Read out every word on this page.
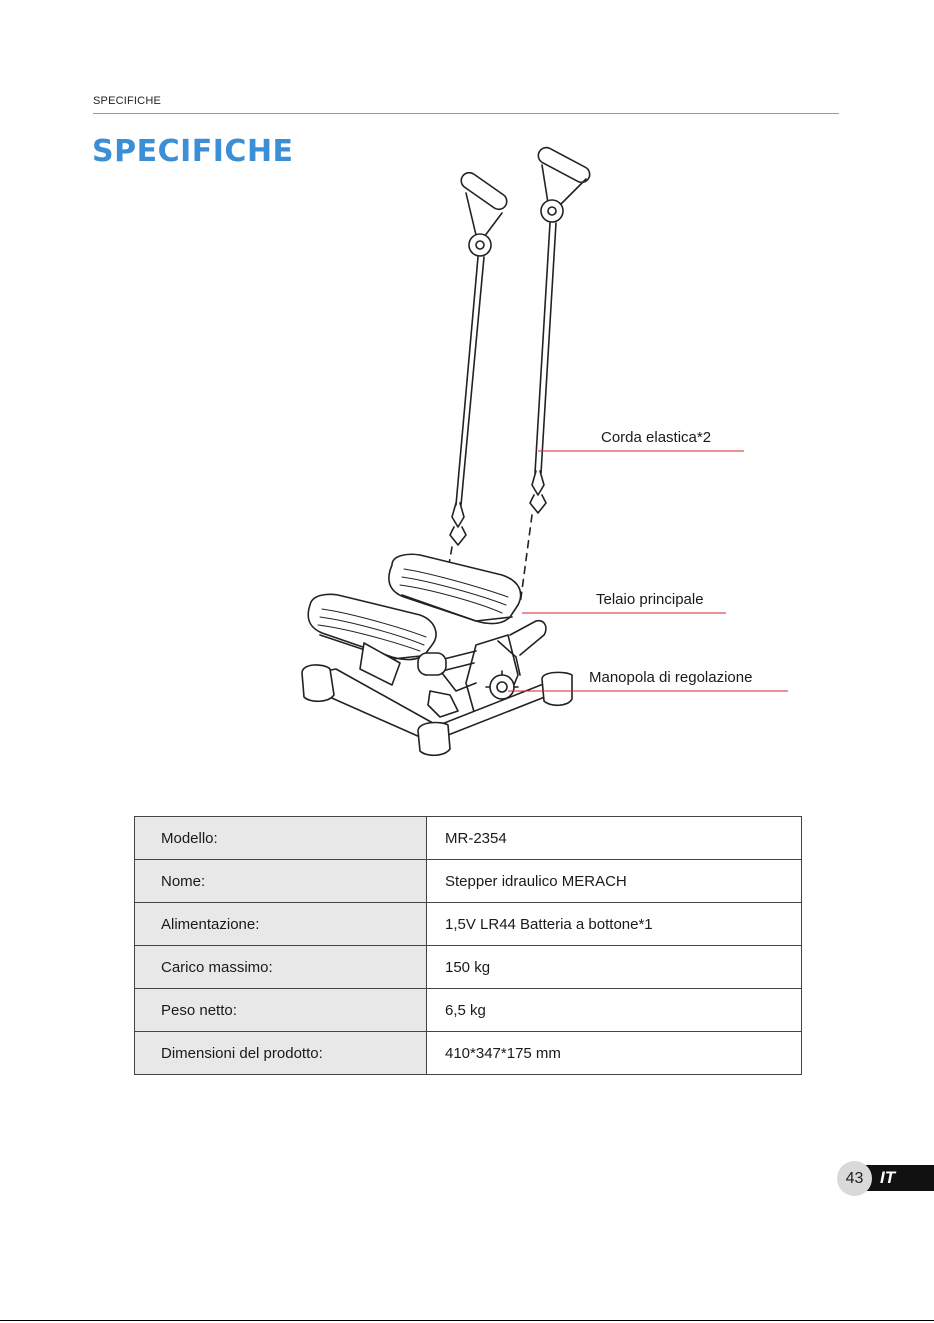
SPECIFICHE
SPECIFICHE
Corda elastica*2
Telaio principale
Manopola di regolazione
Modello:	MR-2354
Nome:	Stepper idraulico MERACH
Alimentazione:	1,5V LR44 Batteria a bottone*1
Carico massimo:	150 kg
Peso netto:	6,5 kg
Dimensioni del prodotto:	410*347*175 mm
IT
43
